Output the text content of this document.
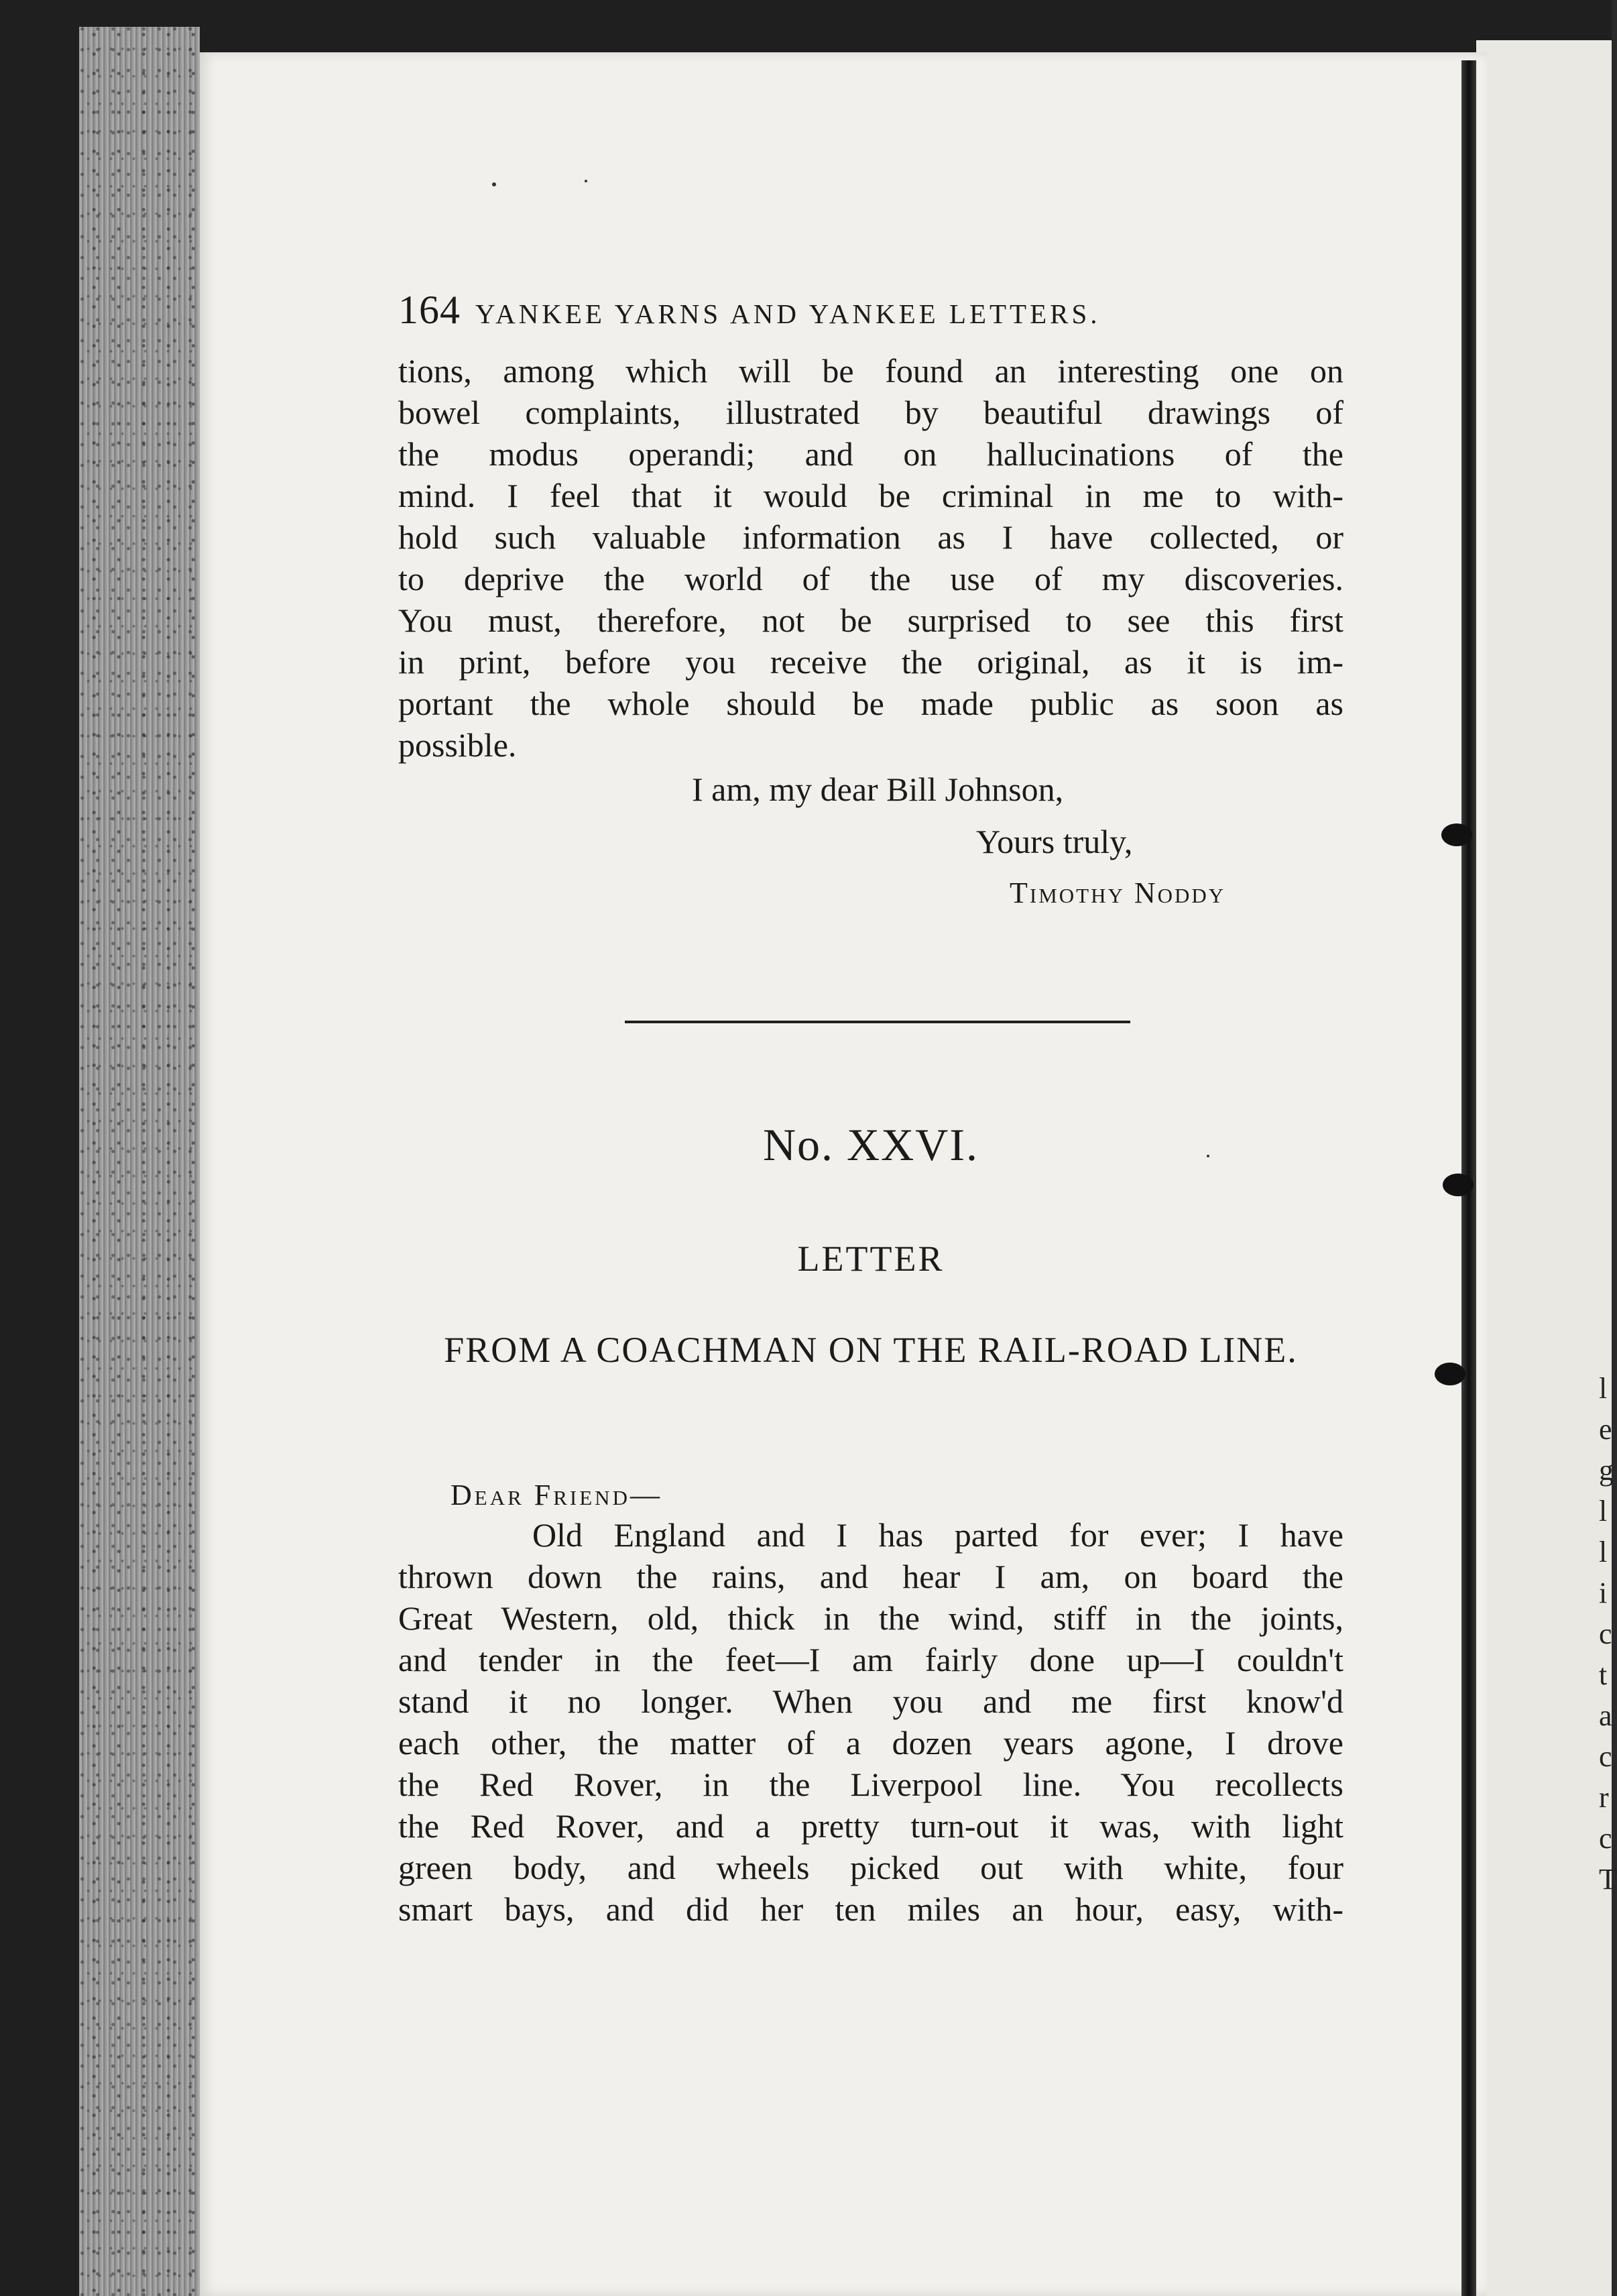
l
e
g
l
l
i
c
t
a
c
r
c
T
164 YANKEE YARNS AND YANKEE LETTERS.
tions, among which will be found an interesting one on
bowel complaints, illustrated by beautiful drawings of
the modus operandi; and on hallucinations of the
mind. I feel that it would be criminal in me to with-
hold such valuable information as I have collected, or
to deprive the world of the use of my discoveries.
You must, therefore, not be surprised to see this first
in print, before you receive the original, as it is im-
portant the whole should be made public as soon as
possible.
I am, my dear Bill Johnson,
Yours truly,
Timothy Noddy
No. XXVI.
LETTER
FROM A COACHMAN ON THE RAIL-ROAD LINE.
Dear Friend—
Old England and I has parted for ever; I have
thrown down the rains, and hear I am, on board the
Great Western, old, thick in the wind, stiff in the joints,
and tender in the feet—I am fairly done up—I couldn't
stand it no longer. When you and me first know'd
each other, the matter of a dozen years agone, I drove
the Red Rover, in the Liverpool line. You recollects
the Red Rover, and a pretty turn-out it was, with light
green body, and wheels picked out with white, four
smart bays, and did her ten miles an hour, easy, with-
